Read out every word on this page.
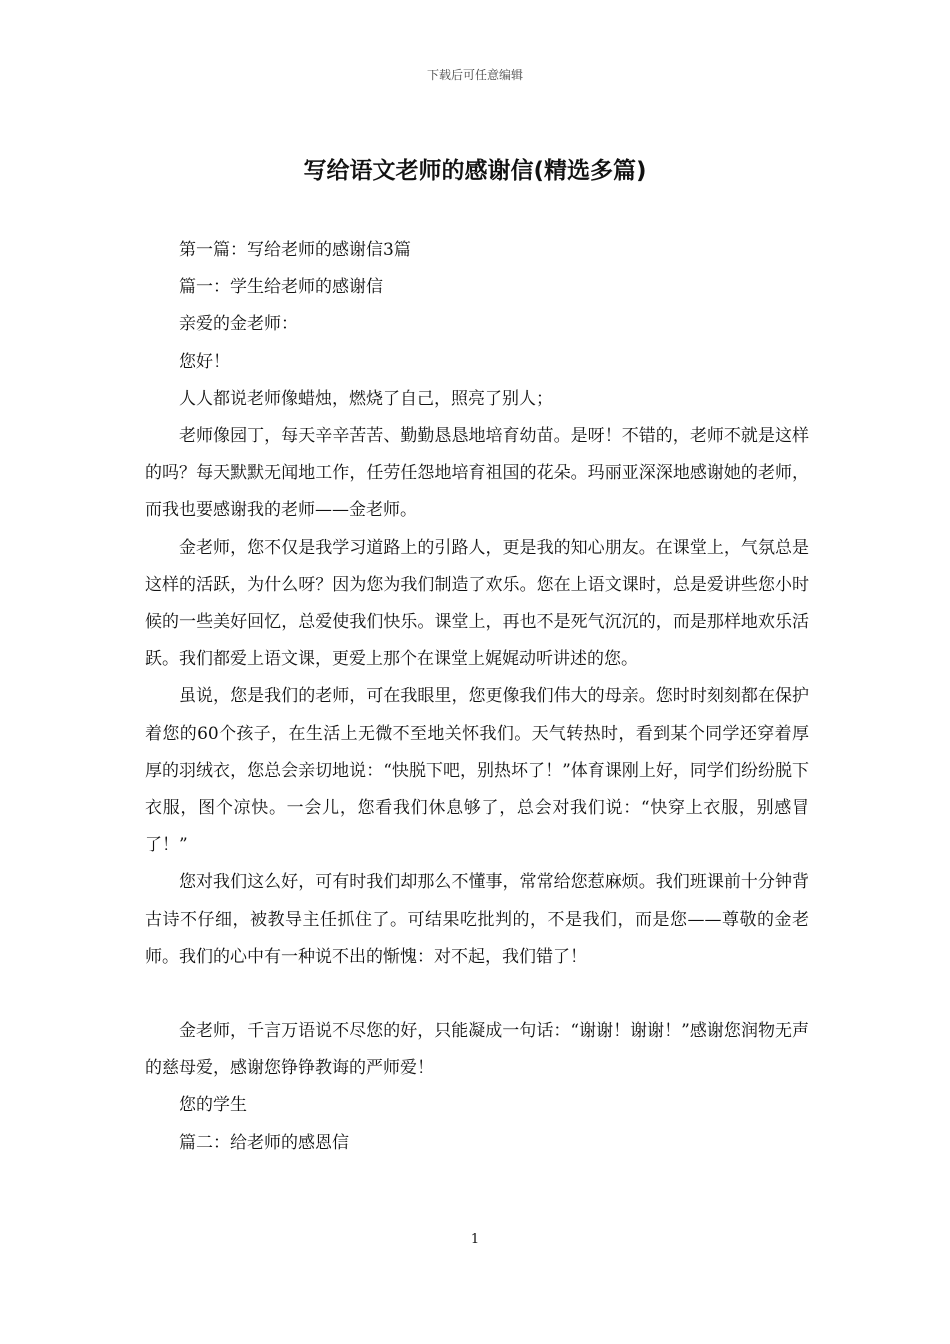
下载后可任意编辑
写给语文老师的感谢信(精选多篇)

第一篇：写给老师的感谢信3篇

篇一：学生给老师的感谢信

亲爱的金老师：

您好！

人人都说老师像蜡烛，燃烧了自己，照亮了别人；

老师像园丁，每天辛辛苦苦、勤勤恳恳地培育幼苗。是呀！不错的，老师不就是这样的吗？每天默默无闻地工作，任劳任怨地培育祖国的花朵。玛丽亚深深地感谢她的老师，而我也要感谢我的老师——金老师。

金老师，您不仅是我学习道路上的引路人，更是我的知心朋友。在课堂上，气氛总是这样的活跃，为什么呀？因为您为我们制造了欢乐。您在上语文课时，总是爱讲些您小时候的一些美好回忆，总爱使我们快乐。课堂上，再也不是死气沉沉的，而是那样地欢乐活跃。我们都爱上语文课，更爱上那个在课堂上娓娓动听讲述的您。

虽说，您是我们的老师，可在我眼里，您更像我们伟大的母亲。您时时刻刻都在保护着您的60个孩子，在生活上无微不至地关怀我们。天气转热时，看到某个同学还穿着厚厚的羽绒衣，您总会亲切地说：“快脱下吧，别热坏了！”体育课刚上好，同学们纷纷脱下衣服，图个凉快。一会儿，您看我们休息够了，总会对我们说：“快穿上衣服，别感冒了！”

您对我们这么好，可有时我们却那么不懂事，常常给您惹麻烦。我们班课前十分钟背古诗不仔细，被教导主任抓住了。可结果吃批判的，不是我们，而是您——尊敬的金老师。我们的心中有一种说不出的惭愧：对不起，我们错了！

金老师，千言万语说不尽您的好，只能凝成一句话：“谢谢！谢谢！”感谢您润物无声的慈母爱，感谢您铮铮教诲的严师爱！

您的学生

篇二：给老师的感恩信

1
